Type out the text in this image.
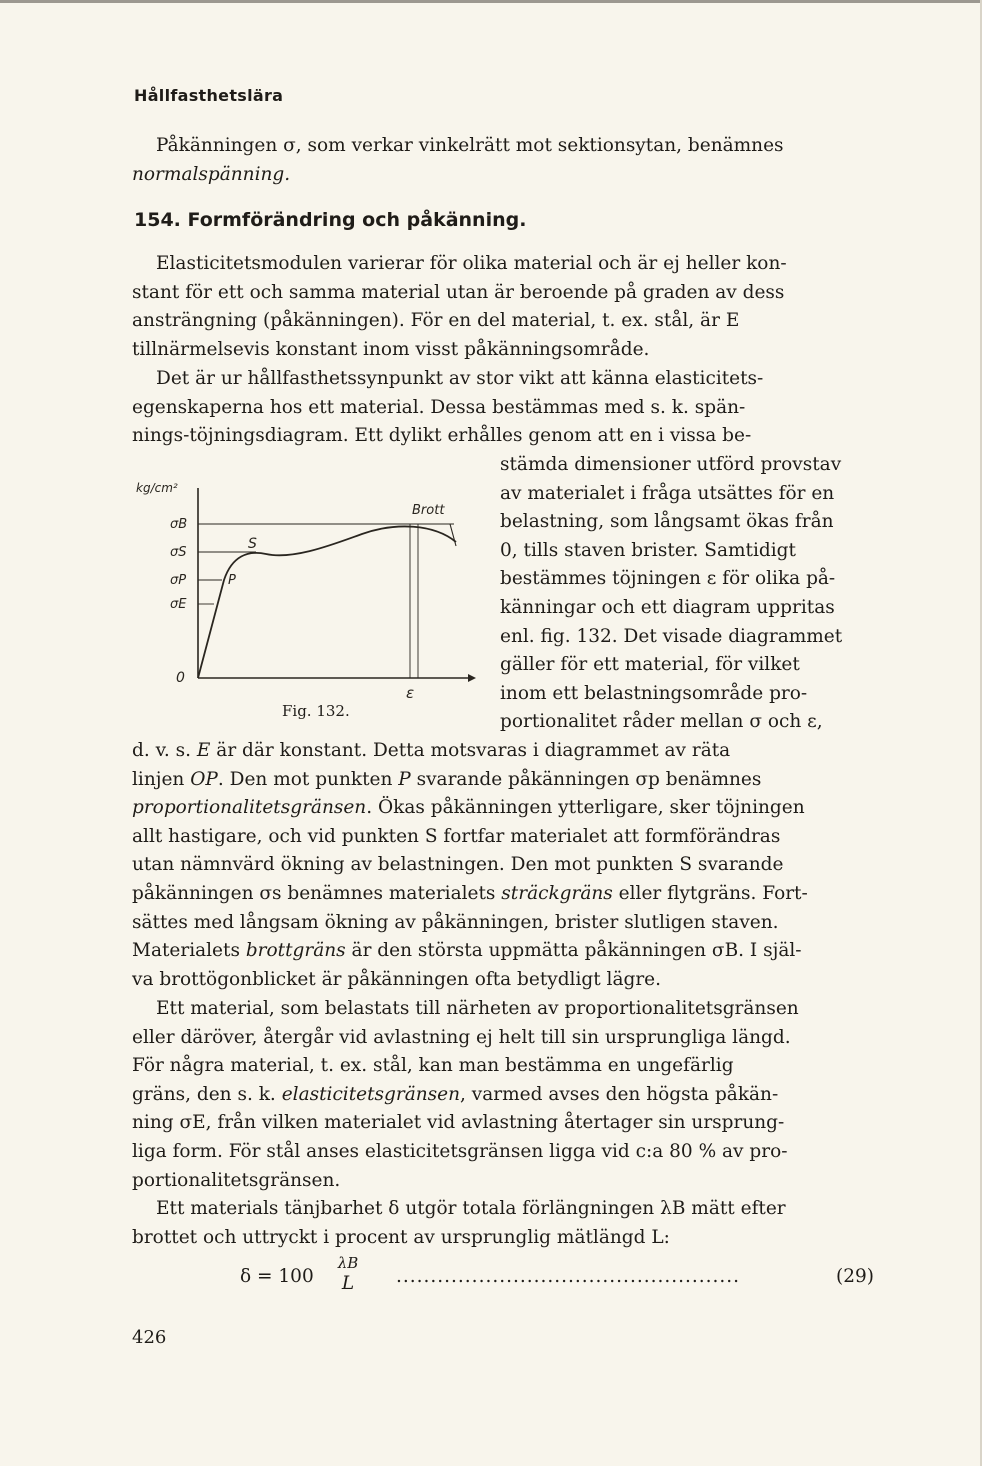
Hållfasthetslära

Påkänningen σ, som verkar vinkelrätt mot sektionsytan, benämnes
normalspänning.

154. Formförändring och påkänning.

Elasticitetsmodulen varierar för olika material och är ej heller kon-
stant för ett och samma material utan är beroende på graden av dess
ansträngning (påkänningen). För en del material, t. ex. stål, är E
tillnärmelsevis konstant inom visst påkänningsområde.

Det är ur hållfasthetssynpunkt av stor vikt att känna elasticitets-
egenskaperna hos ett material. Dessa bestämmas med s. k. spän-
nings-töjningsdiagram. Ett dylikt erhålles genom att en i vissa be-

stämda dimensioner utförd provstav
av materialet i fråga utsättes för en
belastning, som långsamt ökas från
0, tills staven brister. Samtidigt
bestämmes töjningen ε för olika på-
känningar och ett diagram uppritas
enl. fig. 132. Det visade diagrammet
gäller för ett material, för vilket
inom ett belastningsområde pro-
portionalitet råder mellan σ och ε,

kg/cm²
σB
σS
σP
σE
0
P
S
Brott
ε
Fig. 132.

d. v. s. E är där konstant. Detta motsvaras i diagrammet av räta
linjen OP. Den mot punkten P svarande påkänningen σp benämnes
proportionalitetsgränsen. Ökas påkänningen ytterligare, sker töjningen
allt hastigare, och vid punkten S fortfar materialet att formförändras
utan nämnvärd ökning av belastningen. Den mot punkten S svarande
påkänningen σs benämnes materialets sträckgräns eller flytgräns. Fort-
sättes med långsam ökning av påkänningen, brister slutligen staven.
Materialets brottgräns är den största uppmätta påkänningen σB. I själ-
va brottögonblicket är påkänningen ofta betydligt lägre.

Ett material, som belastats till närheten av proportionalitetsgränsen
eller däröver, återgår vid avlastning ej helt till sin ursprungliga längd.
För några material, t. ex. stål, kan man bestämma en ungefärlig
gräns, den s. k. elasticitetsgränsen, varmed avses den högsta påkän-
ning σE, från vilken materialet vid avlastning återtager sin ursprung-
liga form. För stål anses elasticitetsgränsen ligga vid c:a 80 % av pro-
portionalitetsgränsen.

Ett materials tänjbarhet δ utgör totala förlängningen λB mätt efter
brottet och uttryckt i procent av ursprunglig mätlängd L:

δ = 100
λB
L	..................................................	(29)
426
